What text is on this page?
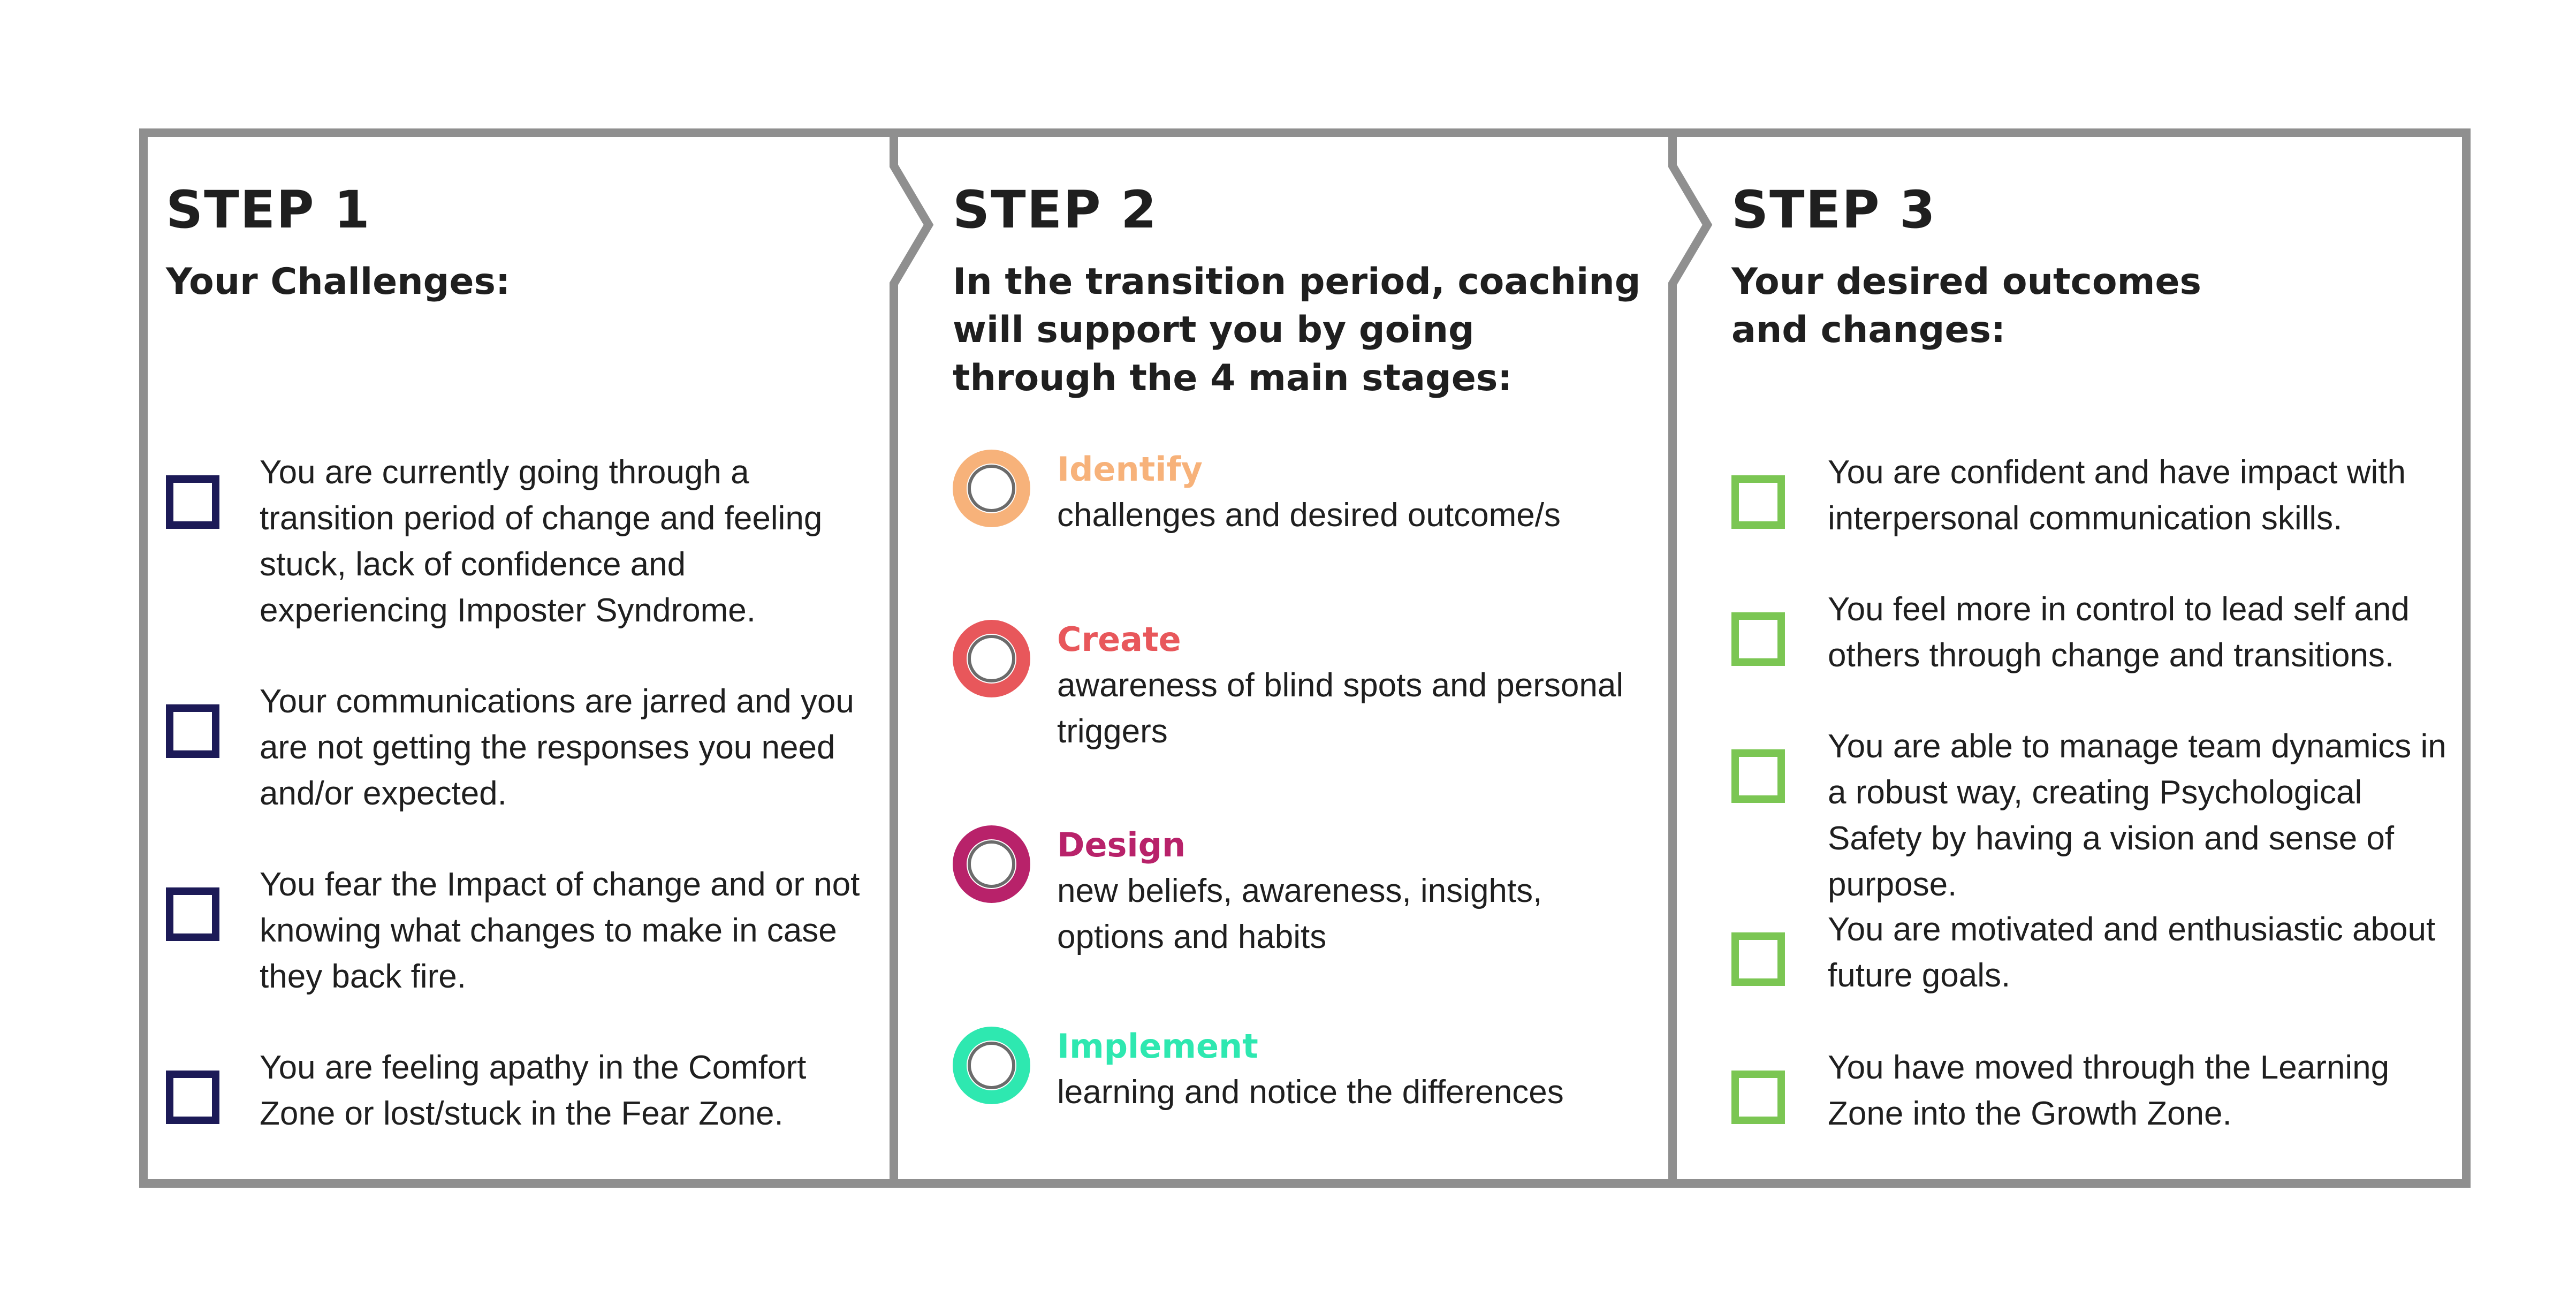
STEP 1
Your Challenges:
You are currently going through a transition period of change and feeling stuck, lack of confidence and experiencing Imposter Syndrome.
Your communications are jarred and you are not getting the responses you need and/or expected.
You fear the Impact of change and or not knowing what changes to make in case they back fire.
You are feeling apathy in the Comfort Zone or lost/stuck in the Fear Zone.
STEP 2
In the transition period, coaching will support you by going through the 4 main stages:
Identify
challenges and desired outcome/s
Create
awareness of blind spots and personal triggers
Design
new beliefs, awareness, insights, options and habits
Implement
learning and notice the differences
STEP 3
Your desired outcomes and changes:
You are confident and have impact with interpersonal communication skills.
You feel more in control to lead self and others through change and transitions.
You are able to manage team dynamics in a robust way, creating Psychological Safety by having a vision and sense of purpose.
You are motivated and enthusiastic about future goals.
You have moved through the Learning Zone into the Growth Zone.
